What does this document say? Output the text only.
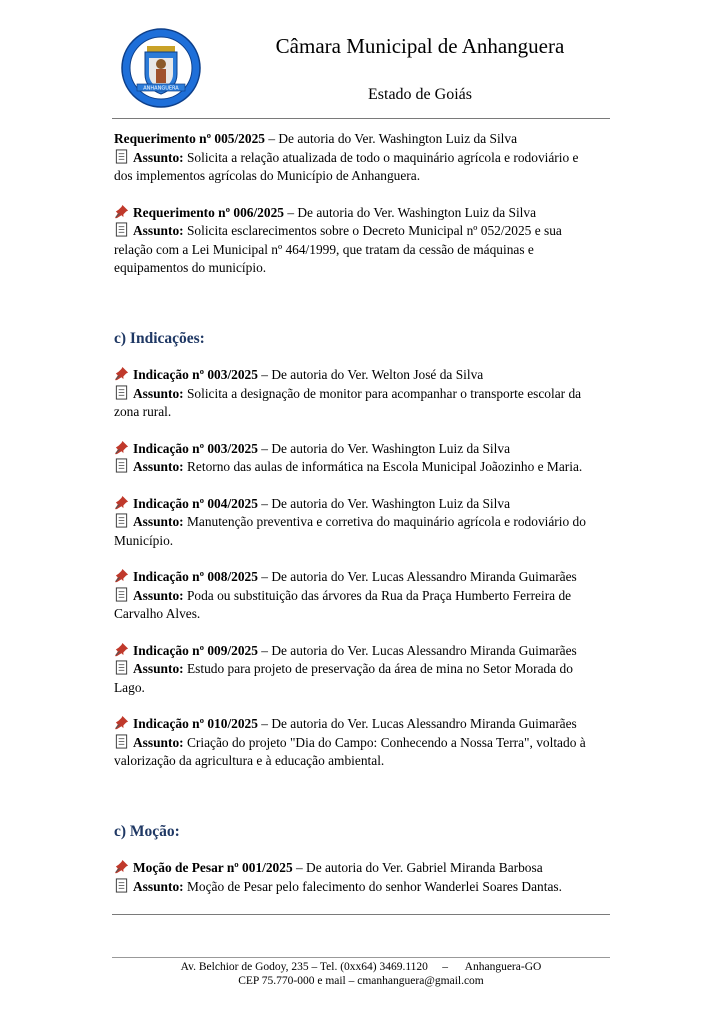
ANHANGUERA
Câmara Municipal de Anhanguera
Estado de Goiás
Requerimento nº 005/2025 – De autoria do Ver. Washington Luiz da Silva
Assunto: Solicita a relação atualizada de todo o maquinário agrícola e rodoviário e
dos implementos agrícolas do Município de Anhanguera.
Requerimento nº 006/2025 – De autoria do Ver. Washington Luiz da Silva
Assunto: Solicita esclarecimentos sobre o Decreto Municipal nº 052/2025 e sua
relação com a Lei Municipal nº 464/1999, que tratam da cessão de máquinas e
equipamentos do município.
c) Indicações:
Indicação nº 003/2025 – De autoria do Ver. Welton José da Silva
Assunto: Solicita a designação de monitor para acompanhar o transporte escolar da
zona rural.
Indicação nº 003/2025 – De autoria do Ver. Washington Luiz da Silva
Assunto: Retorno das aulas de informática na Escola Municipal Joãozinho e Maria.
Indicação nº 004/2025 – De autoria do Ver. Washington Luiz da Silva
Assunto: Manutenção preventiva e corretiva do maquinário agrícola e rodoviário do
Município.
Indicação nº 008/2025 – De autoria do Ver. Lucas Alessandro Miranda Guimarães
Assunto: Poda ou substituição das árvores da Rua da Praça Humberto Ferreira de
Carvalho Alves.
Indicação nº 009/2025 – De autoria do Ver. Lucas Alessandro Miranda Guimarães
Assunto: Estudo para projeto de preservação da área de mina no Setor Morada do
Lago.
Indicação nº 010/2025 – De autoria do Ver. Lucas Alessandro Miranda Guimarães
Assunto: Criação do projeto "Dia do Campo: Conhecendo a Nossa Terra", voltado à
valorização da agricultura e à educação ambiental.
c) Moção:
Moção de Pesar nº 001/2025 – De autoria do Ver. Gabriel Miranda Barbosa
Assunto: Moção de Pesar pelo falecimento do senhor Wanderlei Soares Dantas.
Av. Belchior de Godoy, 235 – Tel. (0xx64) 3469.1120     –      Anhanguera-GO
CEP 75.770-000 e mail – cmanhanguera@gmail.com
